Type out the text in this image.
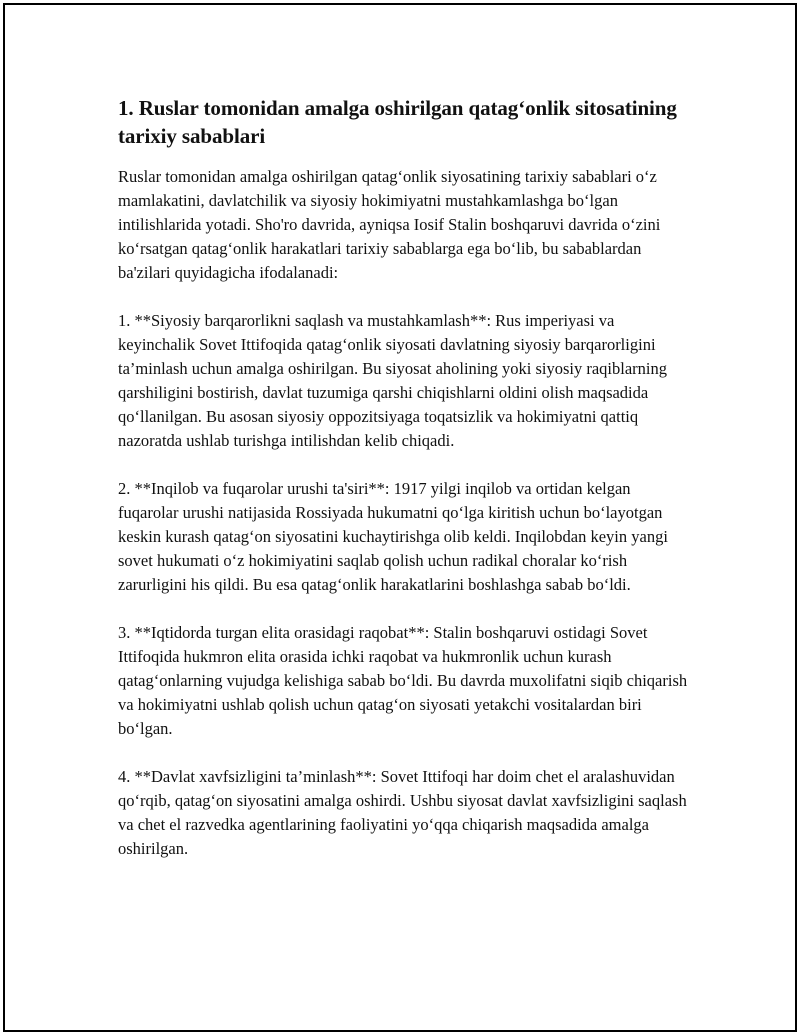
1. Ruslar tomonidan amalga oshirilgan qatag‘onlik sitosatining tarixiy sabablari

Ruslar tomonidan amalga oshirilgan qatag‘onlik siyosatining tarixiy sabablari o‘z mamlakatini, davlatchilik va siyosiy hokimiyatni mustahkamlashga bo‘lgan intilishlarida yotadi. Sho'ro davrida, ayniqsa Iosif Stalin boshqaruvi davrida o‘zini ko‘rsatgan qatag‘onlik harakatlari tarixiy sabablarga ega bo‘lib, bu sabablardan ba'zilari quyidagicha ifodalanadi:

1. **Siyosiy barqarorlikni saqlash va mustahkamlash**: Rus imperiyasi va keyinchalik Sovet Ittifoqida qatag‘onlik siyosati davlatning siyosiy barqarorligini ta’minlash uchun amalga oshirilgan. Bu siyosat aholining yoki siyosiy raqiblarning qarshiligini bostirish, davlat tuzumiga qarshi chiqishlarni oldini olish maqsadida qo‘llanilgan. Bu asosan siyosiy oppozitsiyaga toqatsizlik va hokimiyatni qattiq nazoratda ushlab turishga intilishdan kelib chiqadi.

2. **Inqilob va fuqarolar urushi ta'siri**: 1917 yilgi inqilob va ortidan kelgan fuqarolar urushi natijasida Rossiyada hukumatni qo‘lga kiritish uchun bo‘layotgan keskin kurash qatag‘on siyosatini kuchaytirishga olib keldi. Inqilobdan keyin yangi sovet hukumati o‘z hokimiyatini saqlab qolish uchun radikal choralar ko‘rish zarurligini his qildi. Bu esa qatag‘onlik harakatlarini boshlashga sabab bo‘ldi.

3. **Iqtidorda turgan elita orasidagi raqobat**: Stalin boshqaruvi ostidagi Sovet Ittifoqida hukmron elita orasida ichki raqobat va hukmronlik uchun kurash qatag‘onlarning vujudga kelishiga sabab bo‘ldi. Bu davrda muxolifatni siqib chiqarish va hokimiyatni ushlab qolish uchun qatag‘on siyosati yetakchi vositalardan biri bo‘lgan.

4. **Davlat xavfsizligini ta’minlash**: Sovet Ittifoqi har doim chet el aralashuvidan qo‘rqib, qatag‘on siyosatini amalga oshirdi. Ushbu siyosat davlat xavfsizligini saqlash va chet el razvedka agentlarining faoliyatini yo‘qqa chiqarish maqsadida amalga oshirilgan.
